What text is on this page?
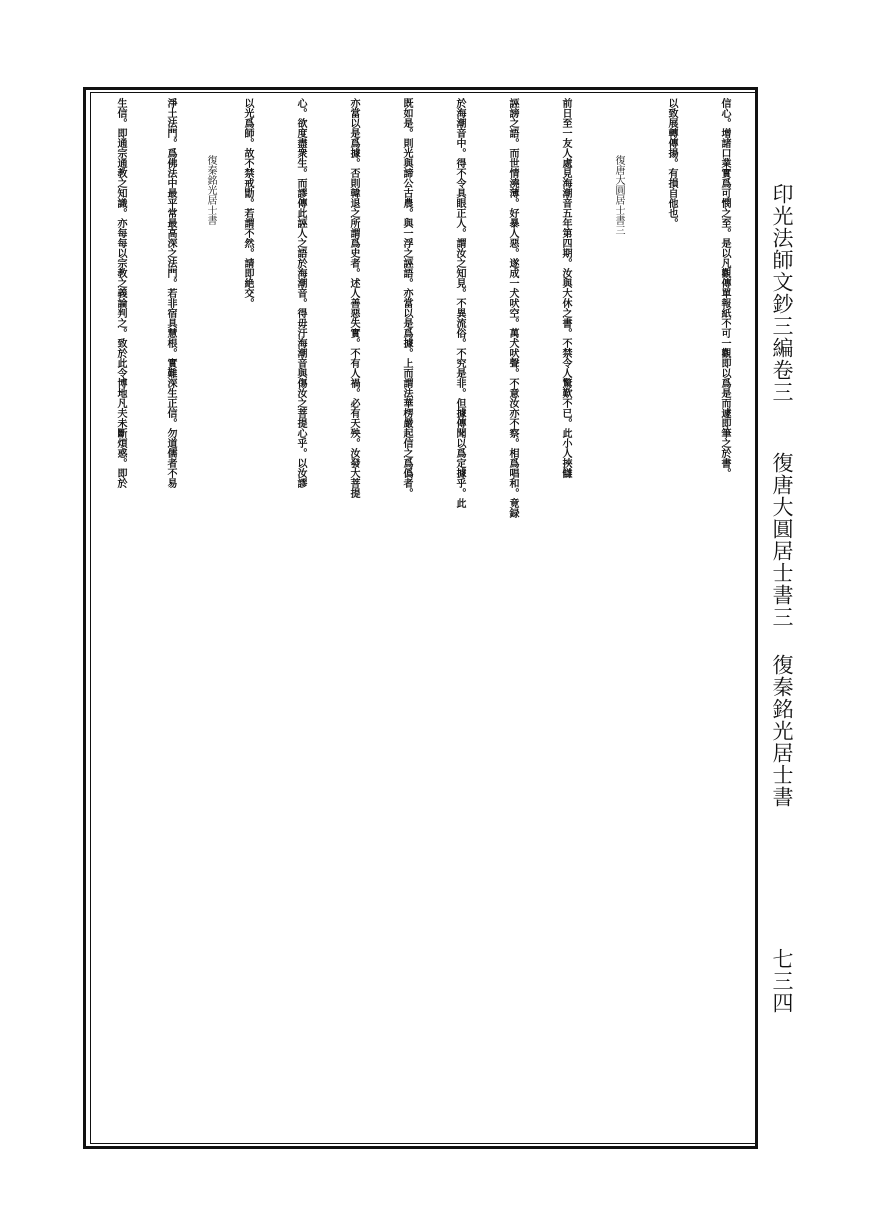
印光法師文鈔三編卷三
復唐大圓居士書三復秦銘光居士書
七三四
信心。增諸口業實爲可憫之至。是以凡觀傳單報紙不可一觀即以爲是而遽即筆之於書。
以致展轉傳揚。有損自他也。
復唐大圓居士書三
前日至一友人處見海潮音五年第四期。汝與大休之書。不禁令人驚歎不已。此小人挾讎
誣謗之語。而世情澆薄。好暴人惡。遂成一犬吠空。萬犬吠聲。不意汝亦不察。相爲唱和。竟録
於海潮音中。得不令具眼正人。謂汝之知見。不異流俗。不究是非。但據傳聞以爲定據乎。此
既如是。則光與諦公古農。與一浮之誣語。亦當以是爲據。上而謂法華楞嚴起信之爲僞者。
亦當以是爲據。否則韓退之所謂爲史者。述人善惡失實。不有人禍。必有天殃。汝發大菩提
心。欲度盡衆生。而謬傳此誣人之語於海潮音。得毋汙海潮音與傷汝之菩提心乎。以汝謬
以光爲師。故不禁戒勖。若謂不然。請即絶交。
復秦銘光居士書
淨土法門。爲佛法中最平常最高深之法門。若非宿具慧根。實難深生正信。勿道儒者不易
生信。即通宗通教之知識。亦每每以宗教之義論判之。致於此令博地凡夫未斷煩惑。即於
